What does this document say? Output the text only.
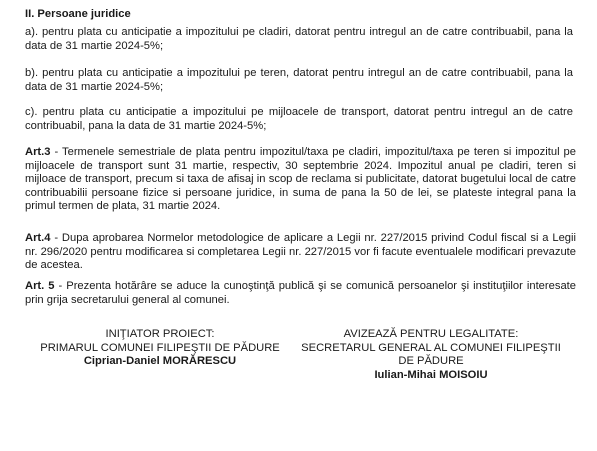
II. Persoane juridice

a). pentru plata cu anticipatie a impozitului pe cladiri, datorat pentru intregul an de catre contribuabil, pana la data de 31 martie 2024-5%;

b). pentru plata cu anticipatie a impozitului pe teren, datorat pentru intregul an de catre contribuabil, pana la data de 31 martie 2024-5%;

c). pentru plata cu anticipatie a impozitului pe mijloacele de transport, datorat pentru intregul an de catre contribuabil, pana la data de 31 martie 2024-5%;

Art.3 - Termenele semestriale de plata pentru impozitul/taxa pe cladiri, impozitul/taxa pe teren si impozitul pe mijloacele de transport sunt 31 martie, respectiv, 30 septembrie 2024. Impozitul anual pe cladiri, teren si mijloace de transport, precum si taxa de afisaj in scop de reclama si publicitate, datorat bugetului local de catre contribuabilii persoane fizice si persoane juridice, in suma de pana la 50 de lei, se plateste integral pana la primul termen de plata, 31 martie 2024.

Art.4 - Dupa aprobarea Normelor metodologice de aplicare a Legii nr. 227/2015 privind Codul fiscal si a Legii nr. 296/2020 pentru modificarea si completarea Legii nr. 227/2015 vor fi facute eventualele modificari prevazute de acestea.

Art. 5 - Prezenta hotărâre se aduce la cunoştinţă publică şi se comunică persoanelor şi instituţiilor interesate prin grija secretarului general al comunei.

INIŢIATOR PROIECT:
PRIMARUL COMUNEI FILIPEŞTII DE PĂDURE
Ciprian-Daniel MORĂRESCU
AVIZEAZĂ PENTRU LEGALITATE:
SECRETARUL GENERAL AL COMUNEI FILIPEŞTII DE PĂDURE
Iulian-Mihai MOISOIU
